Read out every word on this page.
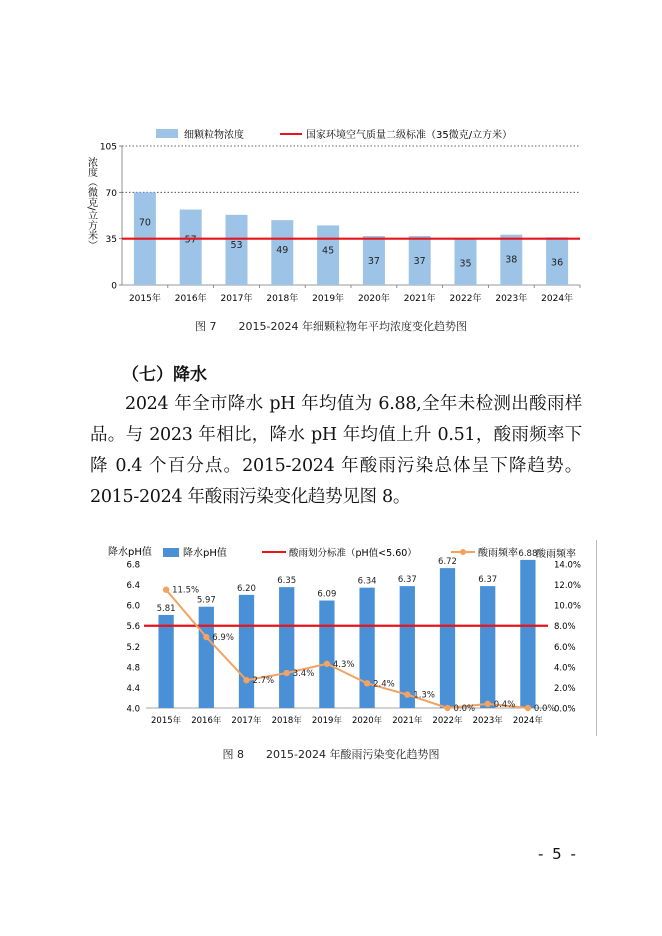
细颗粒物浓度	国家环境空气质量二级标准（35微克/立方米）
0
35
70
105
2015年 2016年 2017年 2018年 2019年 2020年 2021年 2022年 2023年 2024年
70
57	53	49	45
37	37	35	38	36
浓度（微克/立方米）
图 7 2015-2024 年细颗粒物年平均浓度变化趋势图
（七）降水
2024 年全市降水 pH 年均值为 6.88,全年未检测出酸雨样品。与 2023 年相比，降水 pH 年均值上升 0.51，酸雨频率下降 0.4 个百分点。2015-2024 年酸雨污染总体呈下降趋势。2015-2024 年酸雨污染变化趋势见图 8。
降水pH值	降水pH值	酸雨划分标准（pH值<5.60）	酸雨频率 酸雨频率
4.0
4.4
4.8
5.2
5.6
6.0
6.4
6.8
0.0%
2.0%
4.0%
6.0%
8.0%
10.0%
12.0%
14.0%
2015年 2016年 2017年 2018年 2019年 2020年 2021年 2022年 2023年 2024年
5.81
5.97
6.20
6.35
6.09
6.34	6.37
6.72
6.37
6.88
11.5%
6.9%
2.7%
3.4%
4.3%
2.4%
1.3%
0.0% 0.4% 0.0%
图 8 2015-2024 年酸雨污染变化趋势图
- 5 -
